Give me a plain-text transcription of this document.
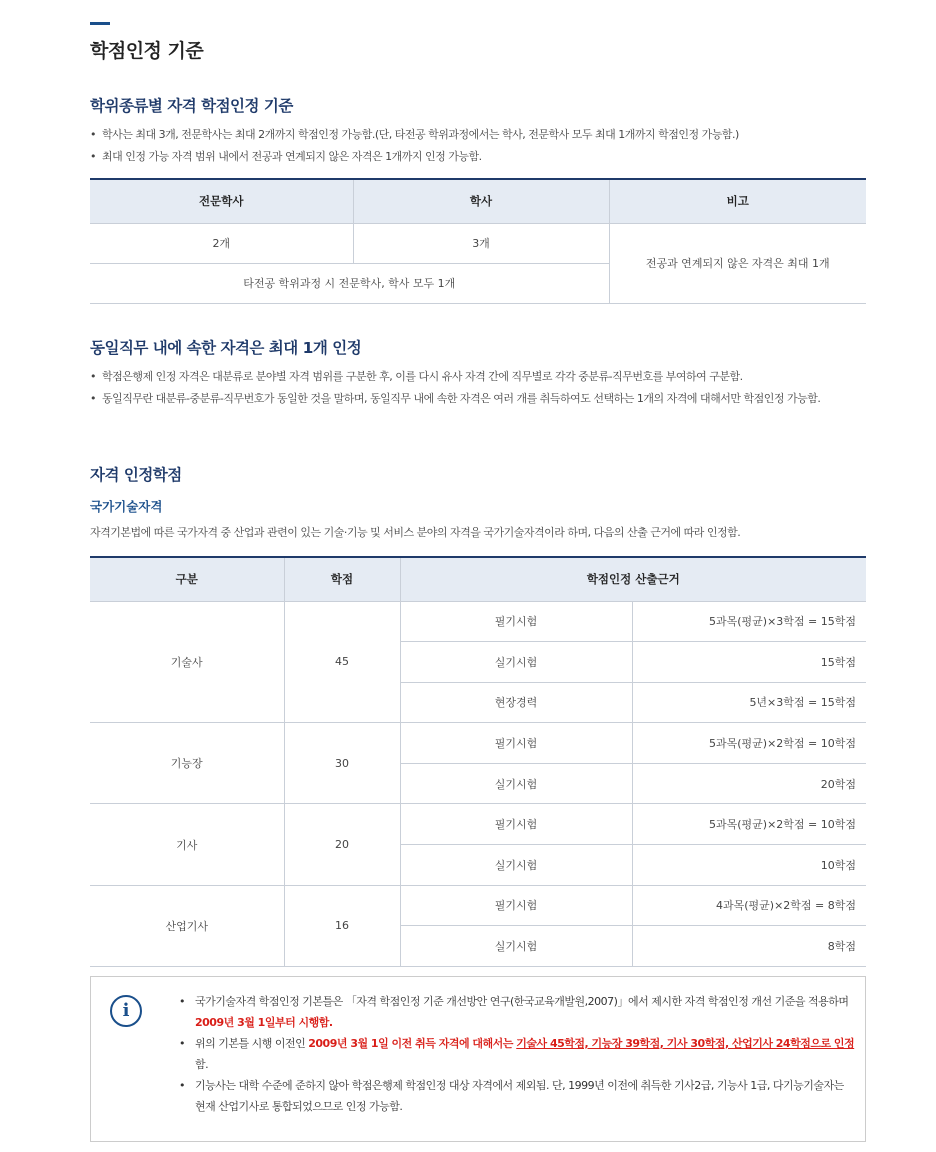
학점인정 기준
학위종류별 자격 학점인정 기준
• 학사는 최대 3개, 전문학사는 최대 2개까지 학점인정 가능함.(단, 타전공 학위과정에서는 학사, 전문학사 모두 최대 1개까지 학점인정 가능함.)
• 최대 인정 가능 자격 범위 내에서 전공과 연계되지 않은 자격은 1개까지 인정 가능함.
전문학사	학사	비고
2개	3개	전공과 연계되지 않은 자격은 최대 1개
타전공 학위과정 시 전문학사, 학사 모두 1개		
동일직무 내에 속한 자격은 최대 1개 인정
• 학점은행제 인정 자격은 대분류로 분야별 자격 범위를 구분한 후, 이를 다시 유사 자격 간에 직무별로 각각 중분류-직무번호를 부여하여 구분함.
• 동일직무란 대분류-중분류-직무번호가 동일한 것을 말하며, 동일직무 내에 속한 자격은 여러 개를 취득하여도 선택하는 1개의 자격에 대해서만 학점인정 가능함.
자격 인정학점
국가기술자격

자격기본법에 따른 국가자격 중 산업과 관련이 있는 기술·기능 및 서비스 분야의 자격을 국가기술자격이라 하며, 다음의 산출 근거에 따라 인정함.

구분	학점	학점인정 산출근거	
기술사	45	필기시험	5과목(평균)×3학점 = 15학점
		실기시험	15학점
		현장경력	5년×3학점 = 15학점
기능장	30	필기시험	5과목(평균)×2학점 = 10학점
		실기시험	20학점
기사	20	필기시험	5과목(평균)×2학점 = 10학점
		실기시험	10학점
산업기사	16	필기시험	4과목(평균)×2학점 = 8학점
		실기시험	8학점
i	• 국가기술자격 학점인정 기본틀은 「자격 학점인정 기준 개선방안 연구(한국교육개발원,2007)」에서 제시한 자격 학점인정 개선 기준을 적용하며 2009년 3월 1일부터 시행함.
• 위의 기본틀 시행 이전인 2009년 3월 1일 이전 취득 자격에 대해서는 기술사 45학점, 기능장 39학점, 기사 30학점, 산업기사 24학점으로 인정함.
• 기능사는 대학 수준에 준하지 않아 학점은행제 학점인정 대상 자격에서 제외됨. 단, 1999년 이전에 취득한 기사2급, 기능사 1급, 다기능기술자는 현재 산업기사로 통합되었으므로 인정 가능함.
